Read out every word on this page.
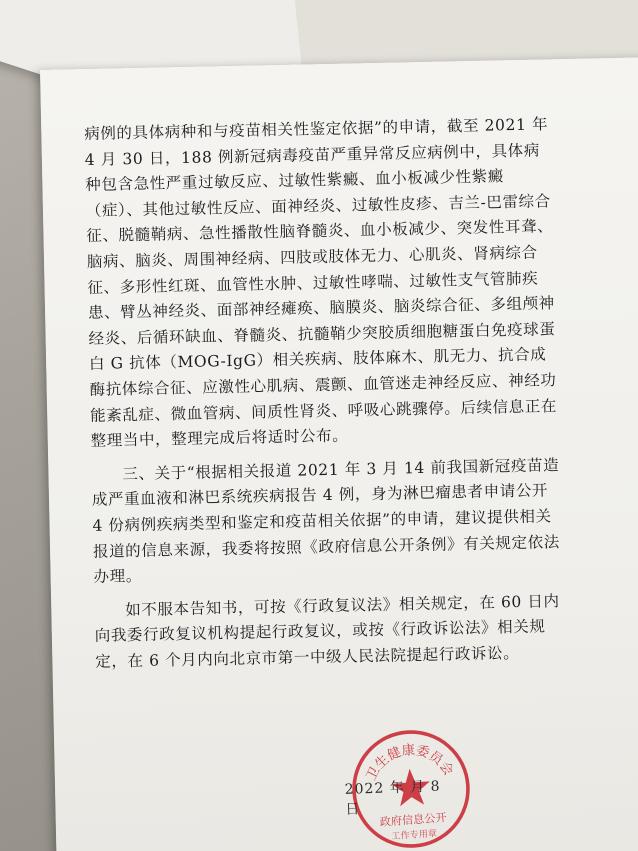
病例的具体病种和与疫苗相关性鉴定依据”的申请，截至 2021 年 4 月 30 日，188 例新冠病毒疫苗严重异常反应病例中，具体病种包含急性严重过敏反应、过敏性紫癜、血小板减少性紫癜（症）、其他过敏性反应、面神经炎、过敏性皮疹、吉兰-巴雷综合征、脱髓鞘病、急性播散性脑脊髓炎、血小板减少、突发性耳聋、脑病、脑炎、周围神经病、四肢或肢体无力、心肌炎、肾病综合征、多形性红斑、血管性水肿、过敏性哮喘、过敏性支气管肺疾患、臂丛神经炎、面部神经瘫痪、脑膜炎、脑炎综合征、多组颅神经炎、后循环缺血、脊髓炎、抗髓鞘少突胶质细胞糖蛋白免疫球蛋白 G 抗体（MOG-IgG）相关疾病、肢体麻木、肌无力、抗合成酶抗体综合征、应激性心肌病、震颤、血管迷走神经反应、神经功能紊乱症、微血管病、间质性肾炎、呼吸心跳骤停。后续信息正在整理当中，整理完成后将适时公布。

三、关于“根据相关报道 2021 年 3 月 14 前我国新冠疫苗造成严重血液和淋巴系统疾病报告 4 例，身为淋巴瘤患者申请公开 4 份病例疾病类型和鉴定和疫苗相关依据”的申请，建议提供相关报道的信息来源，我委将按照《政府信息公开条例》有关规定依法办理。

如不服本告知书，可按《行政复议法》相关规定，在 60 日内向我委行政复议机构提起行政复议，或按《行政诉讼法》相关规定，在 6 个月内向北京市第一中级人民法院提起行政诉讼。

卫生健康委员会
政府信息公开
工作专用章
2022 年 月 8 日
